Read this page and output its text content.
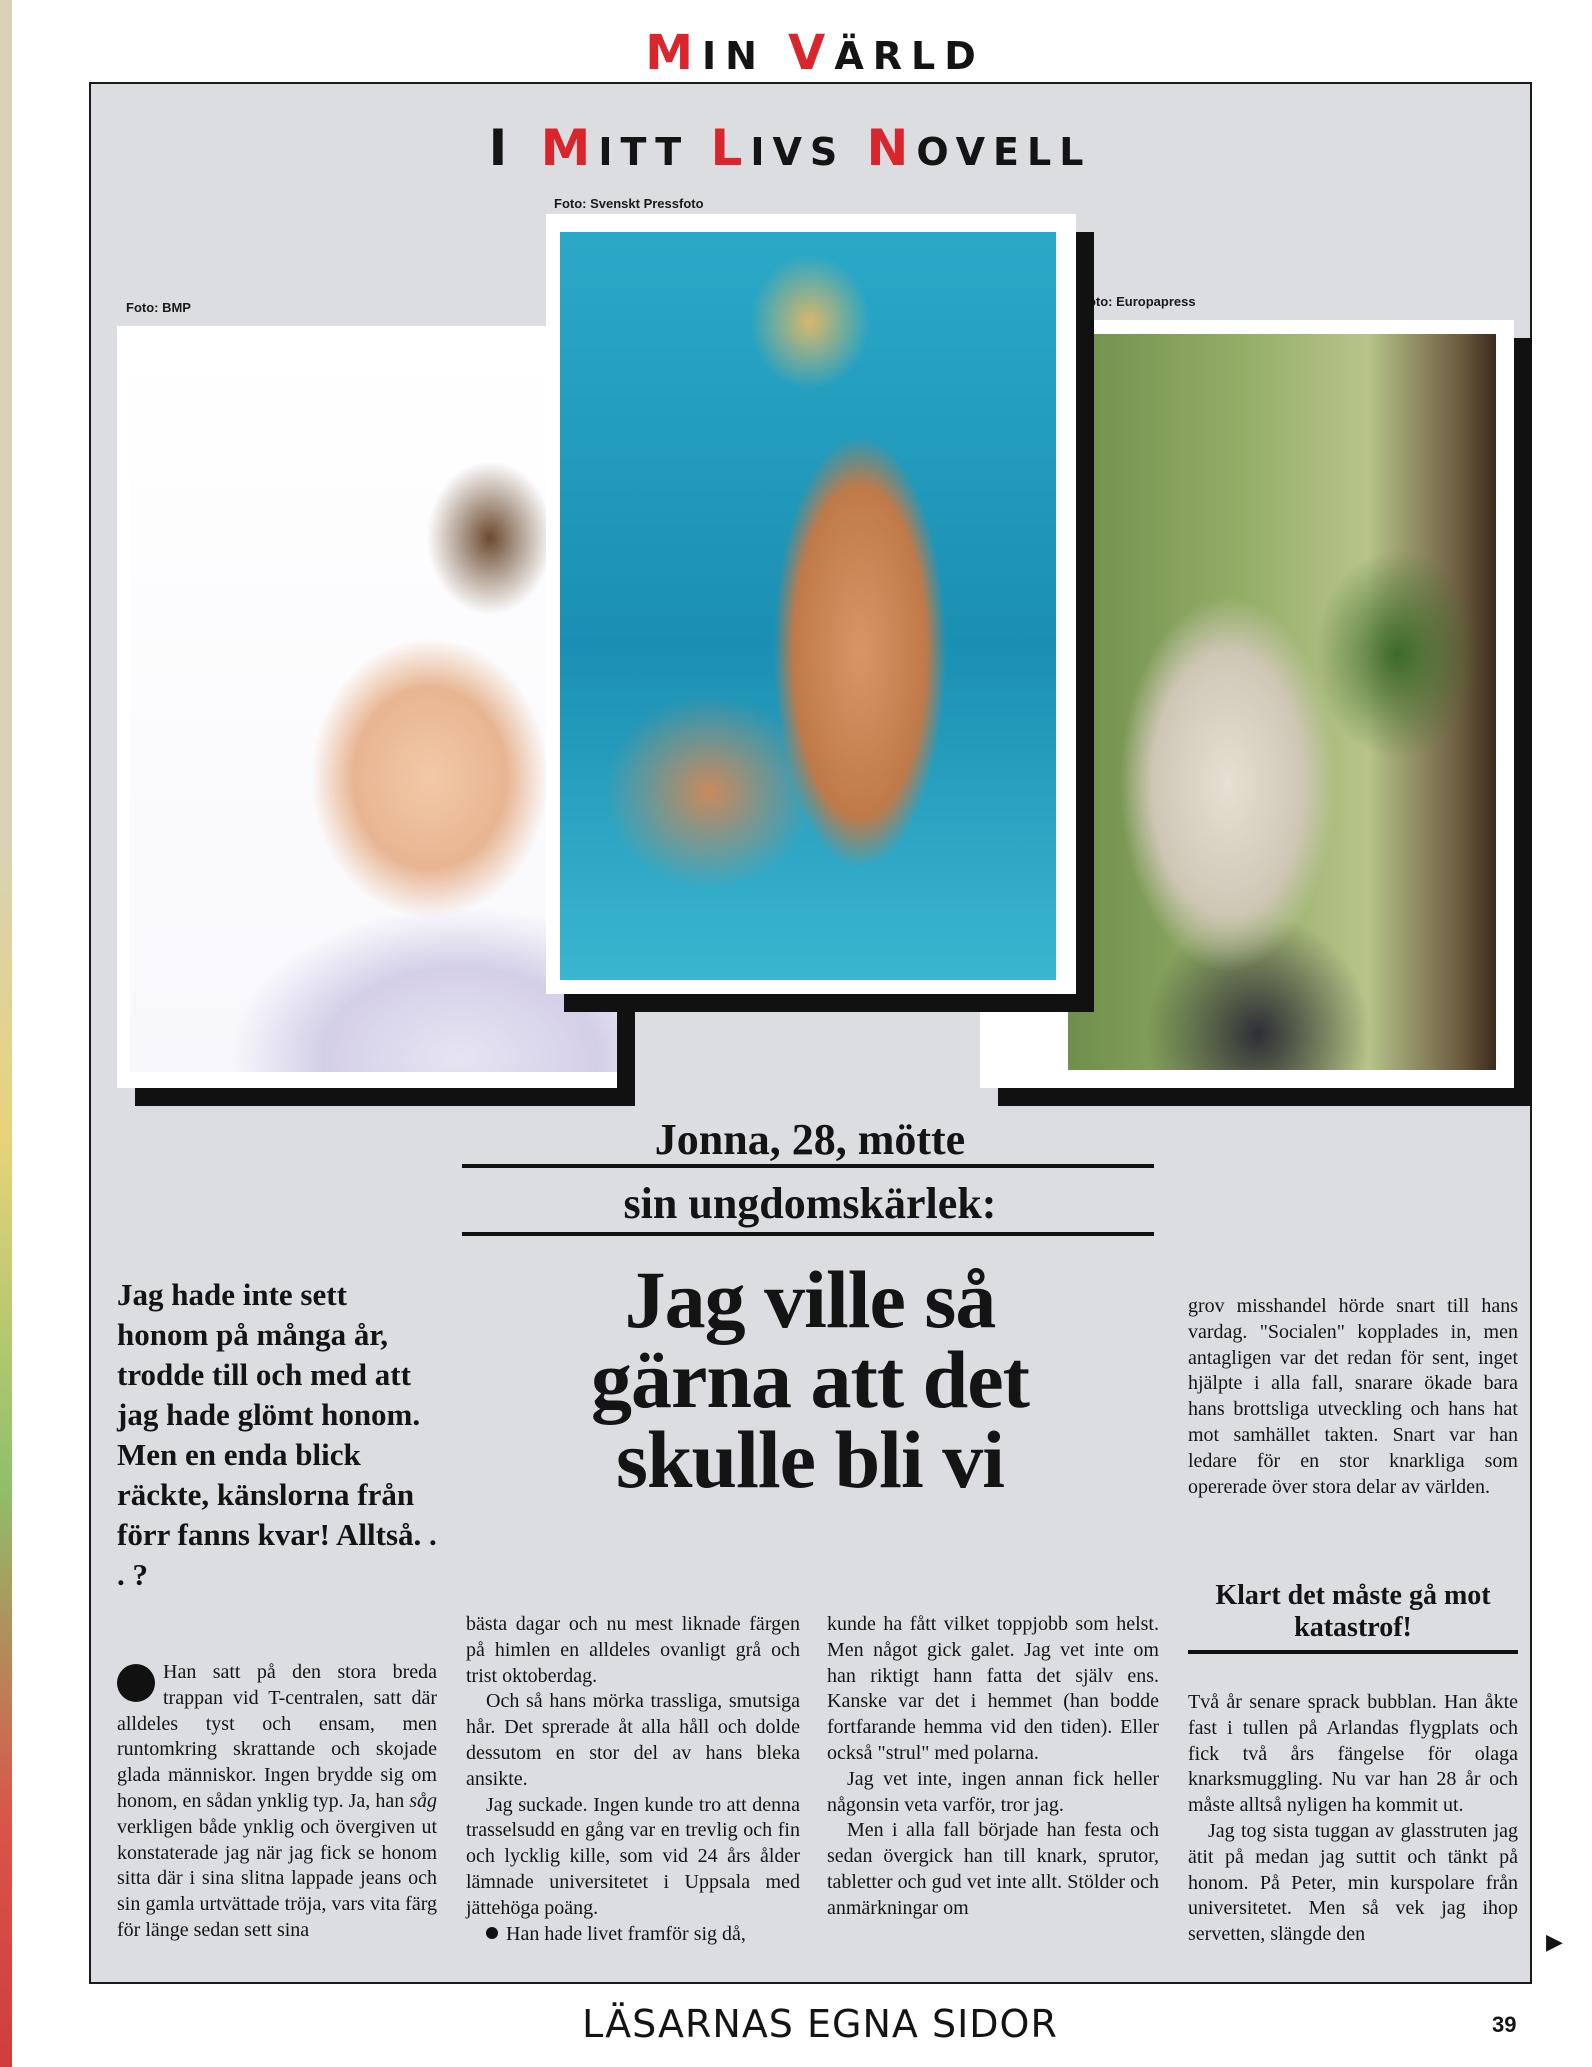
MIN VÄRLD
I MITT LIVS NOVELL
Foto: BMP
Foto: Svenskt Pressfoto
Foto: Europapress
Jonna, 28, mötte
sin ungdomskärlek:
Jag ville så
gärna att det
skulle bli vi
Jag hade inte sett honom på många år, trodde till och med att jag hade glömt honom. Men en enda blick räckte, känslorna från förr fanns kvar! Alltså. . . ?

Han satt på den stora breda trappan vid T-centralen, satt där alldeles tyst och ensam, men runtomkring skrattande och skojade glada människor. Ingen brydde sig om honom, en sådan ynklig typ. Ja, han såg verkligen både ynklig och övergiven ut konstaterade jag när jag fick se honom sitta där i sina slitna lappade jeans och sin gamla urtvättade tröja, vars vita färg för länge sedan sett sina

bästa dagar och nu mest liknade färgen på himlen en alldeles ovanligt grå och trist oktoberdag.

Och så hans mörka trassliga, smutsiga hår. Det sprerade åt alla håll och dolde dessutom en stor del av hans bleka ansikte.

Jag suckade. Ingen kunde tro att denna trasselsudd en gång var en trevlig och fin och lycklig kille, som vid 24 års ålder lämnade universitetet i Uppsala med jättehöga poäng.

Han hade livet framför sig då,

kunde ha fått vilket toppjobb som helst. Men något gick galet. Jag vet inte om han riktigt hann fatta det själv ens. Kanske var det i hemmet (han bodde fortfarande hemma vid den tiden). Eller också "strul" med polarna.

Jag vet inte, ingen annan fick heller någonsin veta varför, tror jag.

Men i alla fall började han festa och sedan övergick han till knark, sprutor, tabletter och gud vet inte allt. Stölder och anmärkningar om

grov misshandel hörde snart till hans vardag. "Socialen" kopplades in, men antagligen var det redan för sent, inget hjälpte i alla fall, snarare ökade bara hans brottsliga utveckling och hans hat mot samhället takten. Snart var han ledare för en stor knarkliga som opererade över stora delar av världen.

Klart det måste gå mot katastrof!

Två år senare sprack bubblan. Han åkte fast i tullen på Arlandas flygplats och fick två års fängelse för olaga knarksmuggling. Nu var han 28 år och måste alltså nyligen ha kommit ut.

Jag tog sista tuggan av glasstruten jag ätit på medan jag suttit och tänkt på honom. På Peter, min kurspolare från universitetet. Men så vek jag ihop servetten, slängde den	▶
LÄSARNAS EGNA SIDOR	39
